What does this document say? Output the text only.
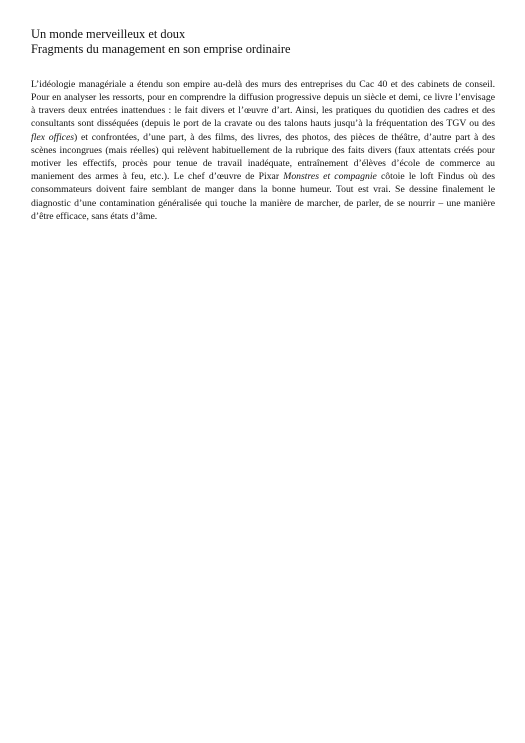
Un monde merveilleux et doux
Fragments du management en son emprise ordinaire

L’idéologie managériale a étendu son empire au-delà des murs des entreprises du Cac 40 et des cabinets de conseil. Pour en analyser les ressorts, pour en comprendre la diffusion progressive depuis un siècle et demi, ce livre l’envisage à travers deux entrées inattendues : le fait divers et l’œuvre d’art. Ainsi, les pratiques du quotidien des cadres et des consultants sont disséquées (depuis le port de la cravate ou des talons hauts jusqu’à la fréquentation des TGV ou des flex offices) et confrontées, d’une part, à des films, des livres, des photos, des pièces de théâtre, d’autre part à des scènes incongrues (mais réelles) qui relèvent habituellement de la rubrique des faits divers (faux attentats créés pour motiver les effectifs, procès pour tenue de travail inadéquate, entraînement d’élèves d’école de commerce au maniement des armes à feu, etc.). Le chef d’œuvre de Pixar Monstres et compagnie côtoie le loft Findus où des consommateurs doivent faire semblant de manger dans la bonne humeur. Tout est vrai. Se dessine finalement le diagnostic d’une contamination généralisée qui touche la manière de marcher, de parler, de se nourrir – une manière d’être efficace, sans états d’âme.
